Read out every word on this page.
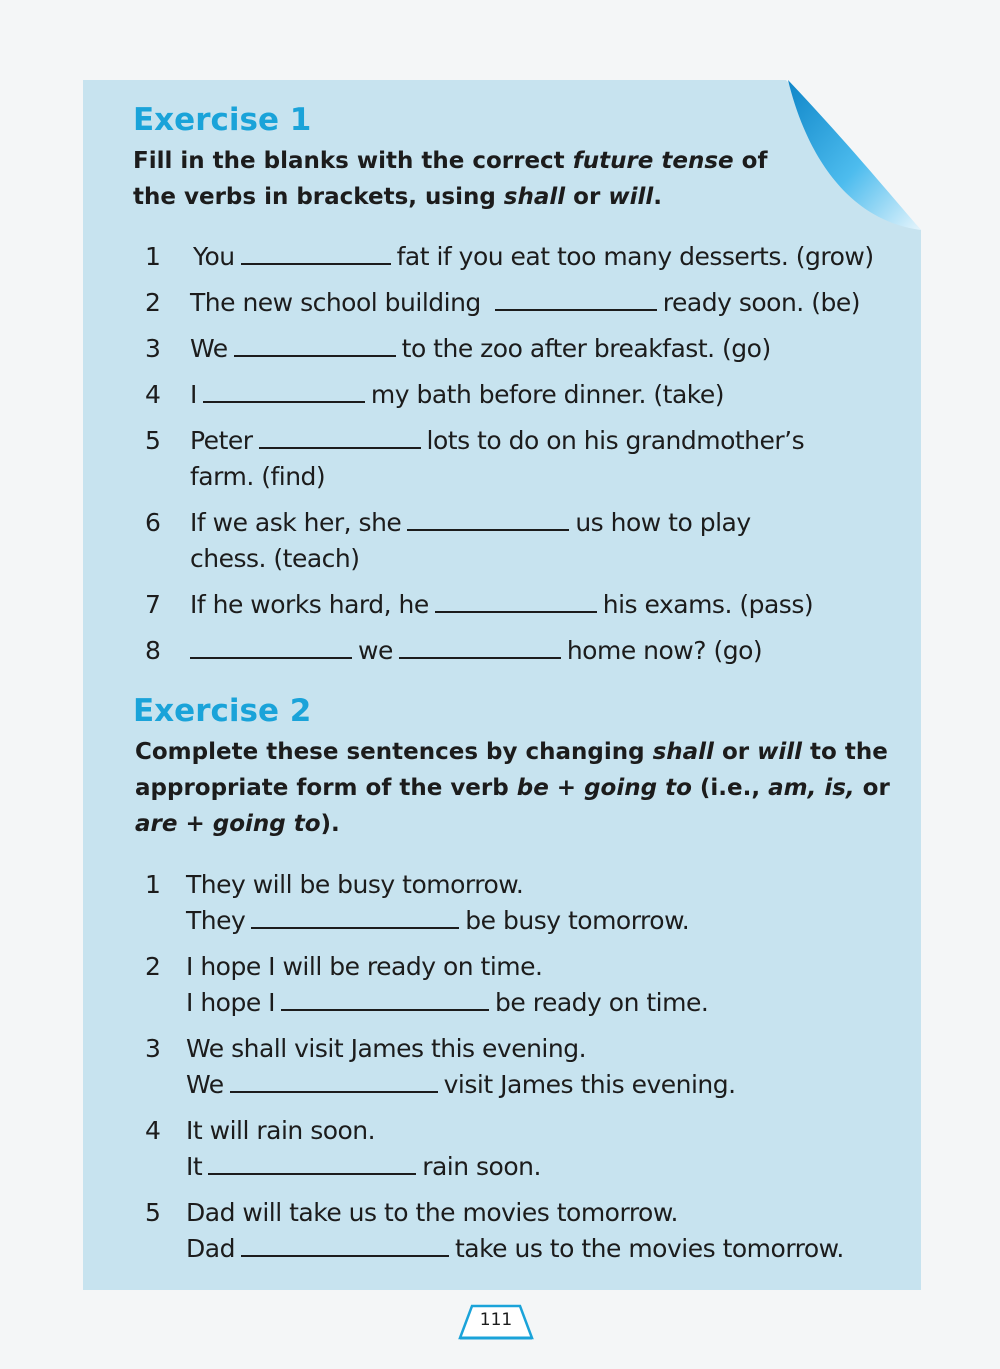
Exercise 1
Fill in the blanks with the correct future tense of
the verbs in brackets, using shall or will.
1 You	fat if you eat too many desserts. (grow)
2 The new school building	ready soon. (be)
3 We	to the zoo after breakfast. (go)
4 I	my bath before dinner. (take)
5 Peter	lots to do on his grandmother’s
farm. (find)
6 If we ask her, she	us how to play
chess. (teach)
7 If he works hard, he	his exams. (pass)
8	we	home now? (go)
Exercise 2
Complete these sentences by changing shall or will to the
appropriate form of the verb be + going to (i.e., am, is, or
are + going to).
1 They will be busy tomorrow.
They	be busy tomorrow.
2 I hope I will be ready on time.
I hope I	be ready on time.
3 We shall visit James this evening.
We	visit James this evening.
4 It will rain soon.
It	rain soon.
5 Dad will take us to the movies tomorrow.
Dad	take us to the movies tomorrow.
111
